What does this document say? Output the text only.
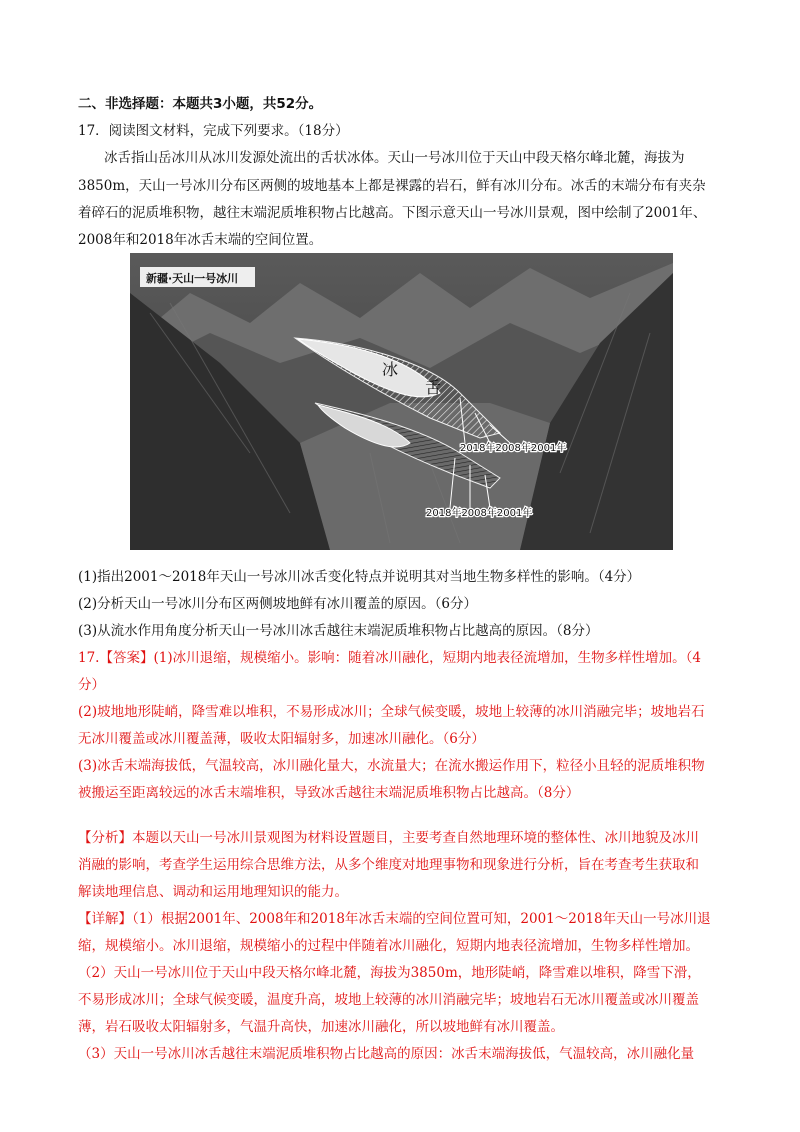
二、非选择题：本题共3小题，共52分。
17．阅读图文材料，完成下列要求。（18分）
冰舌指山岳冰川从冰川发源处流出的舌状冰体。天山一号冰川位于天山中段天格尔峰北麓，海拔为
3850m，天山一号冰川分布区两侧的坡地基本上都是裸露的岩石，鲜有冰川分布。冰舌的末端分布有夹杂
着碎石的泥质堆积物，越往末端泥质堆积物占比越高。下图示意天山一号冰川景观，图中绘制了2001年、
2008年和2018年冰舌末端的空间位置。
新疆·天山一号冰川
冰
舌
2018年2008年2001年
2018年2008年2001年
(1)指出2001～2018年天山一号冰川冰舌变化特点并说明其对当地生物多样性的影响。（4分）
(2)分析天山一号冰川分布区两侧坡地鲜有冰川覆盖的原因。（6分）
(3)从流水作用角度分析天山一号冰川冰舌越往末端泥质堆积物占比越高的原因。（8分）
17.【答案】(1)冰川退缩，规模缩小。影响：随着冰川融化，短期内地表径流增加，生物多样性增加。（4
分）
(2)坡地地形陡峭，降雪难以堆积，不易形成冰川；全球气候变暖，坡地上较薄的冰川消融完毕；坡地岩石
无冰川覆盖或冰川覆盖薄，吸收太阳辐射多，加速冰川融化。（6分）
(3)冰舌末端海拔低，气温较高，冰川融化量大，水流量大；在流水搬运作用下，粒径小且轻的泥质堆积物
被搬运至距离较远的冰舌末端堆积，导致冰舌越往末端泥质堆积物占比越高。（8分）
【分析】本题以天山一号冰川景观图为材料设置题目，主要考查自然地理环境的整体性、冰川地貌及冰川
消融的影响，考查学生运用综合思维方法，从多个维度对地理事物和现象进行分析，旨在考查考生获取和
解读地理信息、调动和运用地理知识的能力。
【详解】（1）根据2001年、2008年和2018年冰舌末端的空间位置可知，2001～2018年天山一号冰川退
缩，规模缩小。冰川退缩，规模缩小的过程中伴随着冰川融化，短期内地表径流增加，生物多样性增加。
（2）天山一号冰川位于天山中段天格尔峰北麓，海拔为3850m，地形陡峭，降雪难以堆积，降雪下滑，
不易形成冰川；全球气候变暖，温度升高，坡地上较薄的冰川消融完毕；坡地岩石无冰川覆盖或冰川覆盖
薄，岩石吸收太阳辐射多，气温升高快，加速冰川融化，所以坡地鲜有冰川覆盖。
（3）天山一号冰川冰舌越往末端泥质堆积物占比越高的原因：冰舌末端海拔低，气温较高，冰川融化量
